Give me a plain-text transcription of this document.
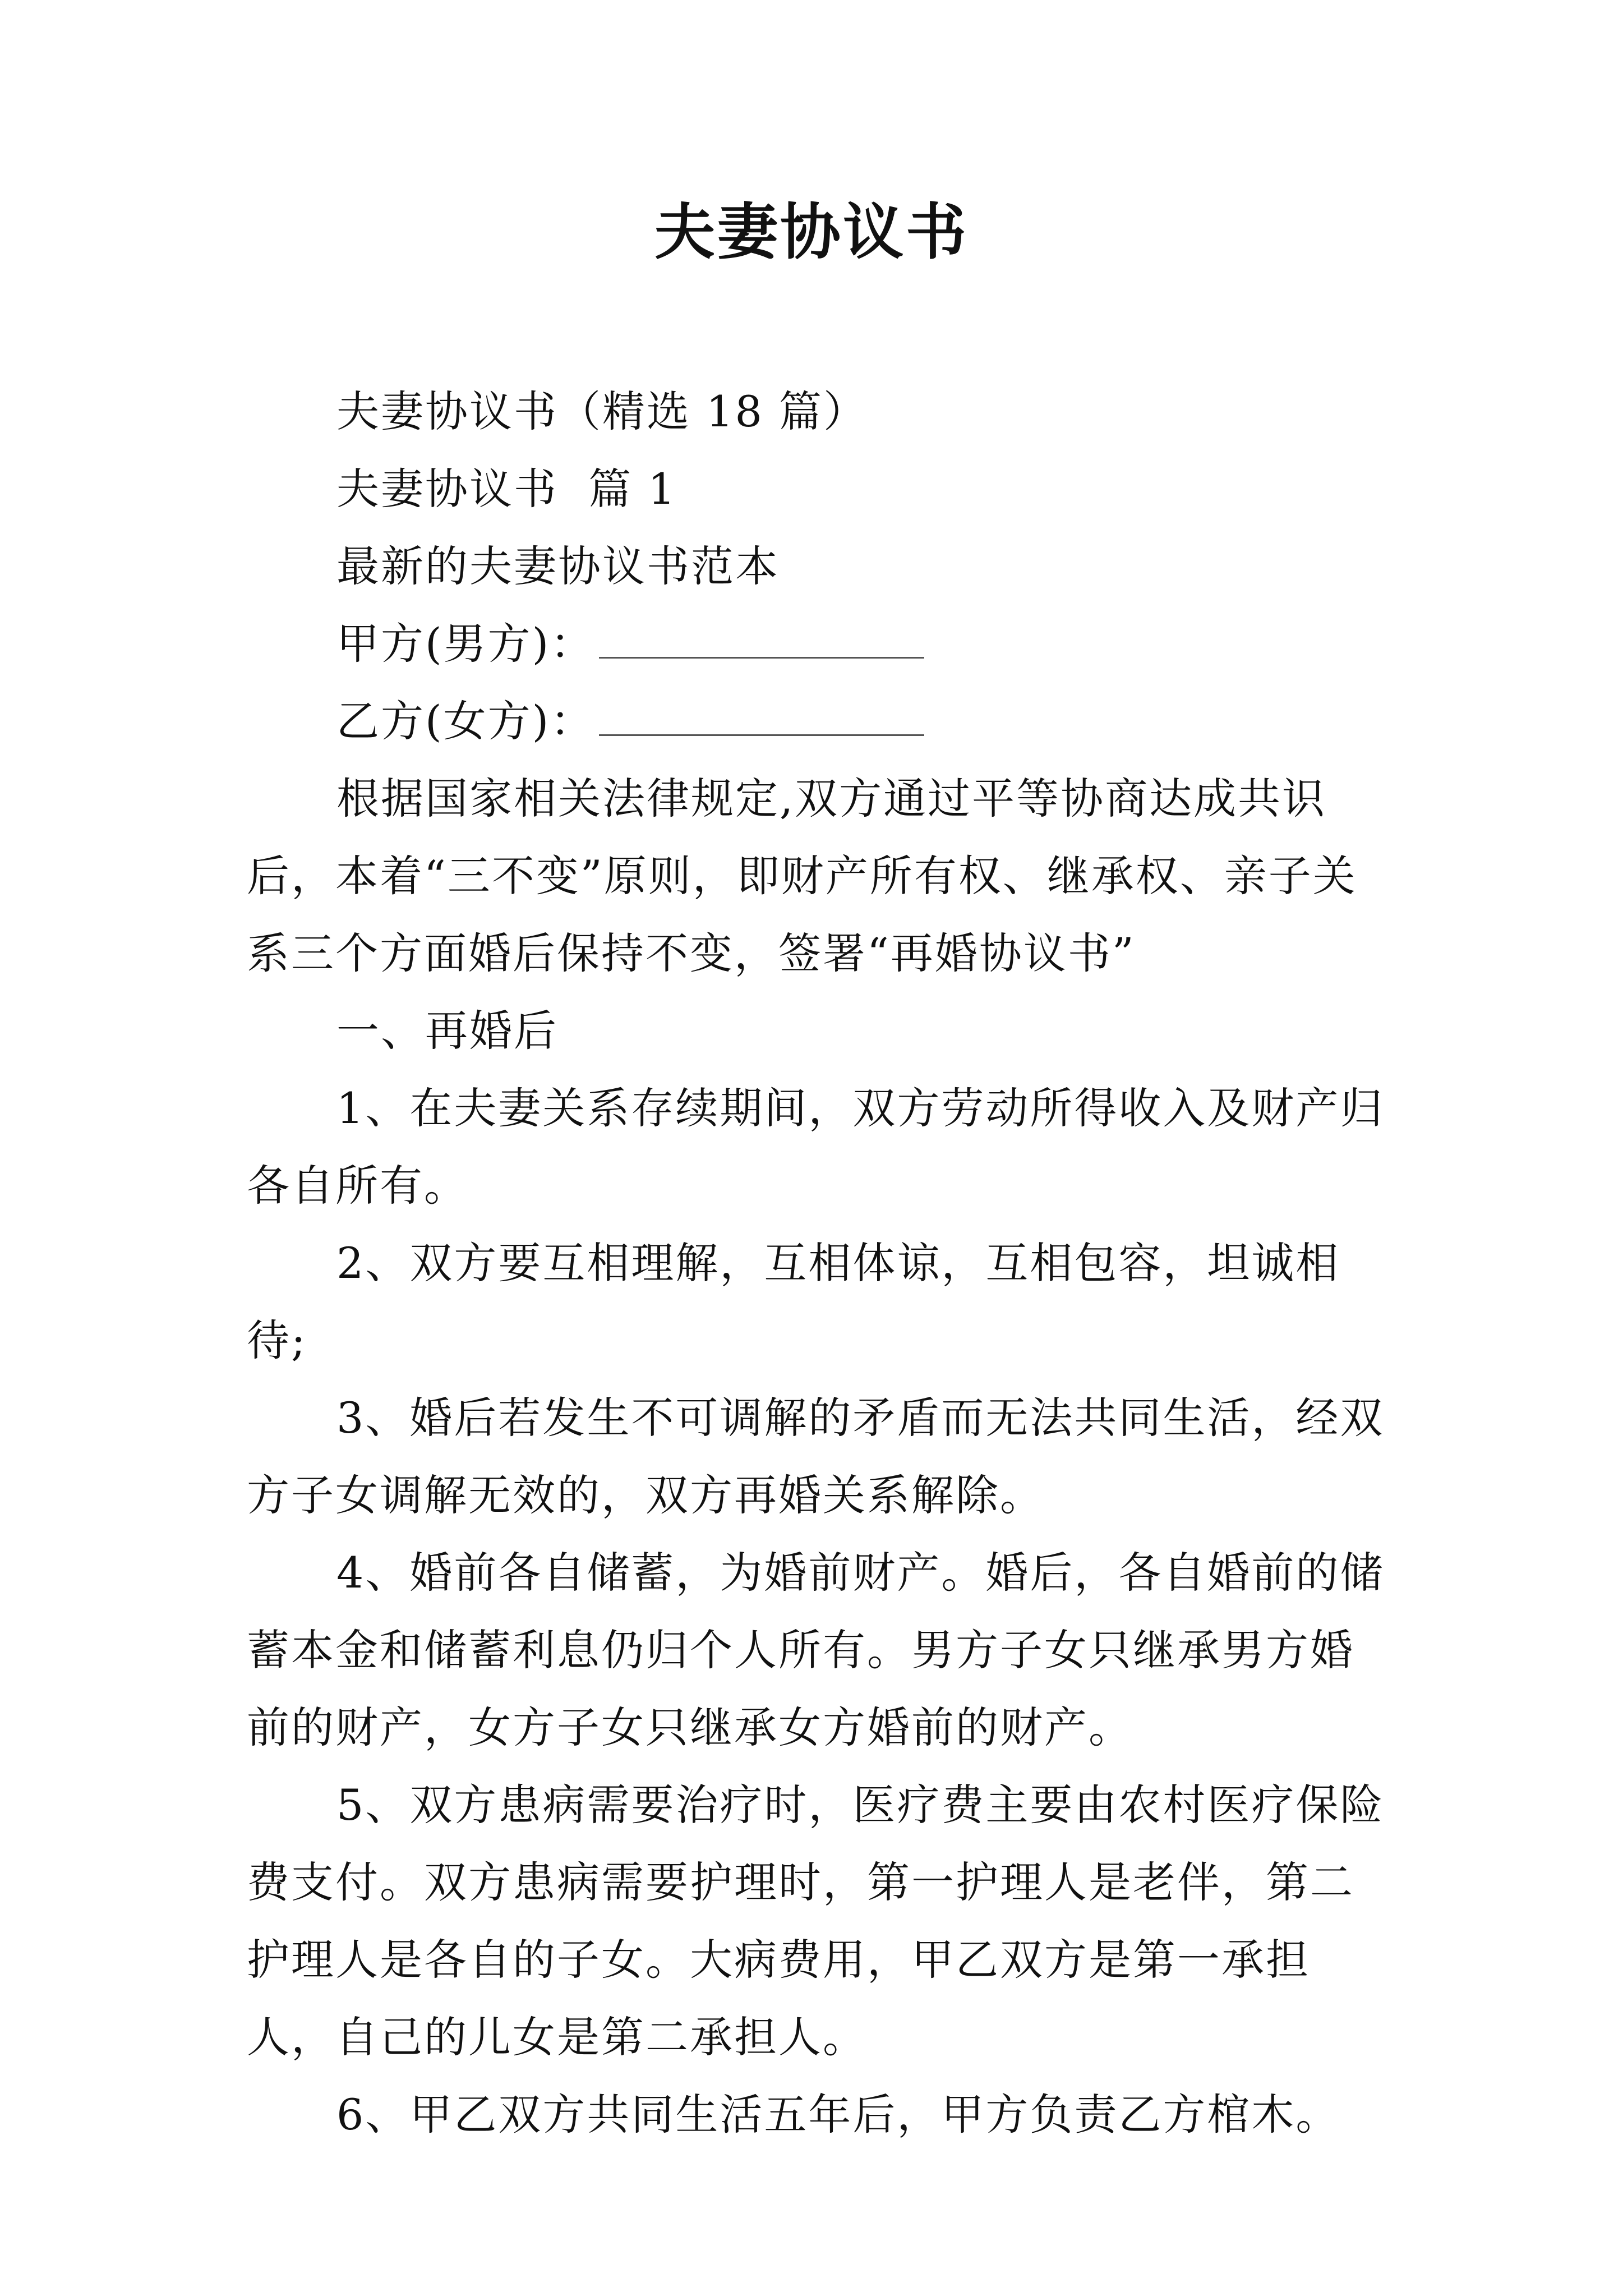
夫妻协议书

夫妻协议书（精选 18 篇）

夫妻协议书  篇 1

最新的夫妻协议书范本

甲方(男方)：

乙方(女方)：

根据国家相关法律规定,双方通过平等协商达成共识后，本着“三不变”原则，即财产所有权、继承权、亲子关系三个方面婚后保持不变，签署“再婚协议书”

一、再婚后

1、在夫妻关系存续期间，双方劳动所得收入及财产归各自所有。

2、双方要互相理解，互相体谅，互相包容，坦诚相待;

3、婚后若发生不可调解的矛盾而无法共同生活，经双方子女调解无效的，双方再婚关系解除。

4、婚前各自储蓄，为婚前财产。婚后，各自婚前的储蓄本金和储蓄利息仍归个人所有。男方子女只继承男方婚前的财产，女方子女只继承女方婚前的财产。

5、双方患病需要治疗时，医疗费主要由农村医疗保险费支付。双方患病需要护理时，第一护理人是老伴，第二护理人是各自的子女。大病费用，甲乙双方是第一承担人，自己的儿女是第二承担人。

6、甲乙双方共同生活五年后，甲方负责乙方棺木。
